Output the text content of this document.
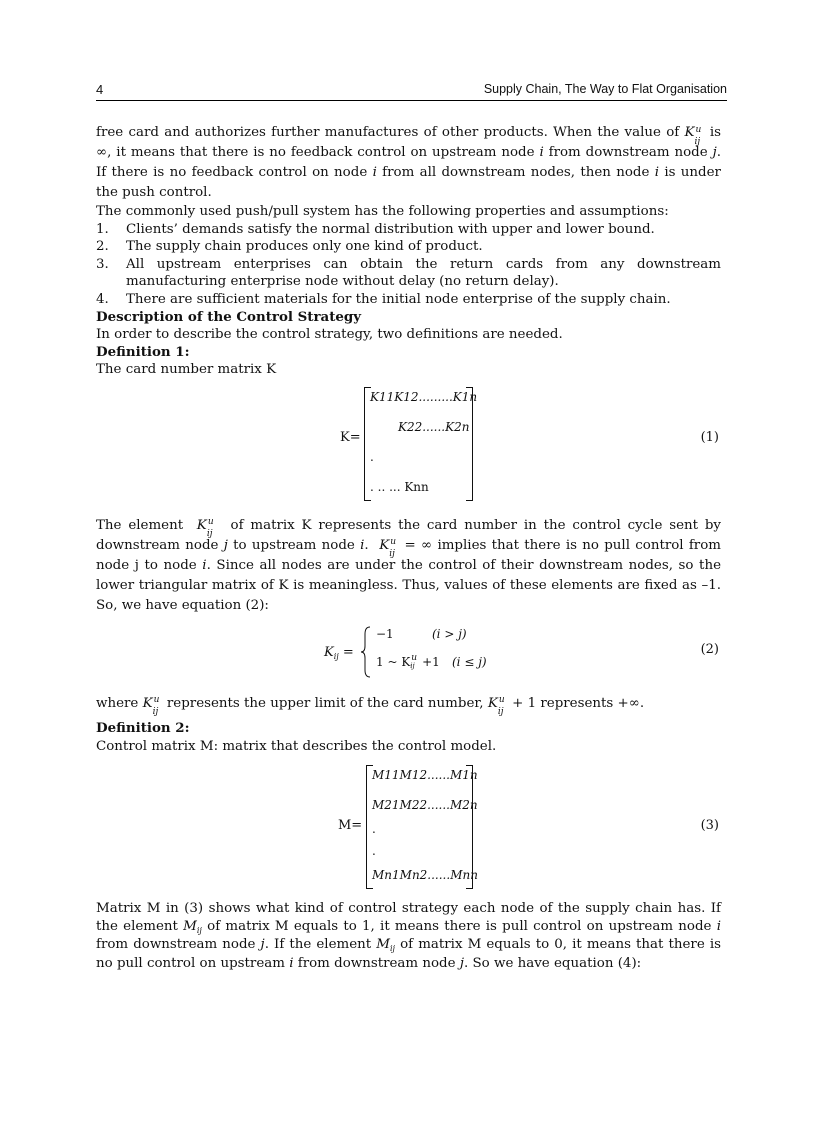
4	Supply Chain, The Way to Flat Organisation

free card and authorizes further manufactures of other products. When the value of K u
ij
is ∞, it means that there is no feedback control on upstream node i from downstream node j. If there is no feedback control on node i from all downstream nodes, then node i is under the push control.

The commonly used push/pull system has the following properties and assumptions:

1. Clients’ demands satisfy the normal distribution with upper and lower bound.
2. The supply chain produces only one kind of product.
3. All upstream enterprises can obtain the return cards from any downstream manufacturing enterprise node without delay (no return delay).
4. There are sufficient materials for the initial node enterprise of the supply chain.

Description of the Control Strategy

In order to describe the control strategy, two definitions are needed.

Definition 1:

The card number matrix K

K=
K11K12.........K1n
K22......K2n
.
. .. ... Knn
(1)

The element K u
ij
of matrix K represents the card number in the control cycle sent by downstream node j to upstream node i. K u
ij
= ∞ implies that there is no pull control from node j to node i. Since all nodes are under the control of their downstream nodes, so the lower triangular matrix of K is meaningless. Thus, values of these elements are fixed as –1. So, we have equation (2):

$K_{ij}$ =
−1	(i > j)
1 ~ K u
ij +1 (i ≤ j)
(2)

where K u
ij
represents the upper limit of the card number, K u
ij
+ 1 represents +∞.

Definition 2:

Control matrix M: matrix that describes the control model.

M=
M11M12......M1n
M21M22......M2n
.
.
Mn1Mn2......Mnn
(3)

Matrix M in (3) shows what kind of control strategy each node of the supply chain has. If the element $M_{ij}$ of matrix M equals to 1, it means there is pull control on upstream node i from downstream node j. If the element $M_{ij}$ of matrix M equals to 0, it means that there is no pull control on upstream i from downstream node j. So we have equation (4):
